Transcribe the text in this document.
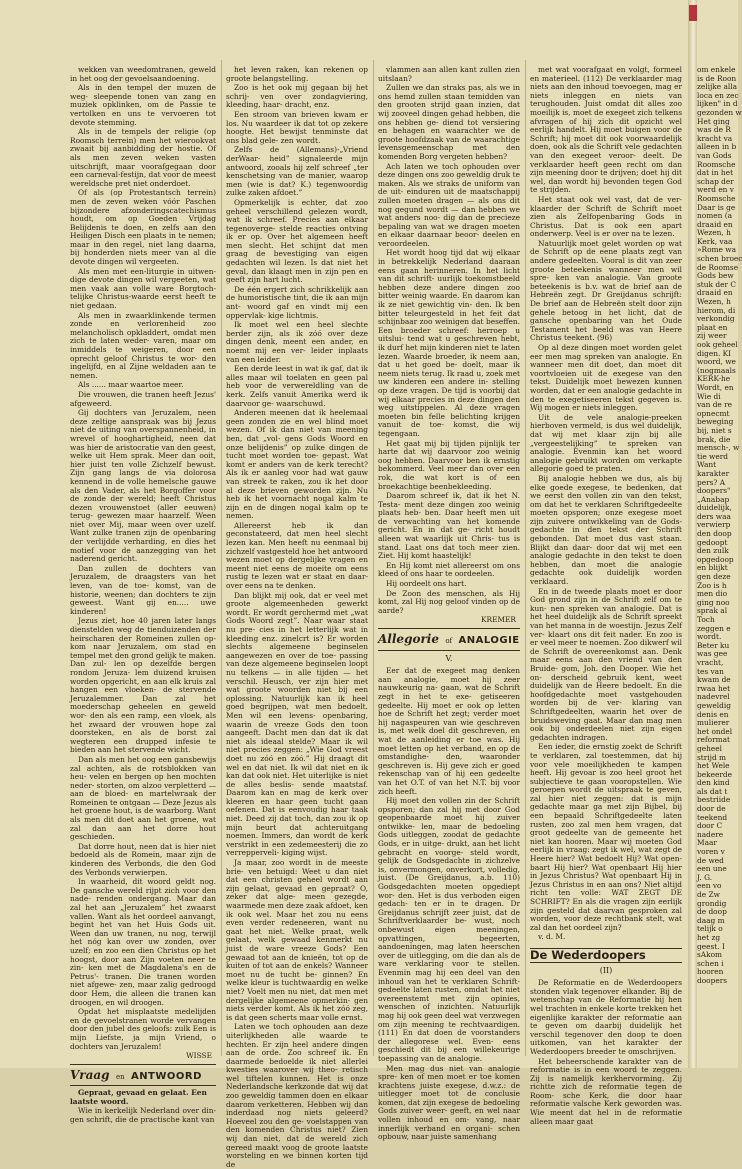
wekken van weedomtranen, geweld in het oog der gevoelsaandoening.

Als in den tempel der muzen de weg- sleepende tonen van zang en muziek opklinken, om de Passie te vertolken en uns te vervoeren tot devote stemming.

Als in de tempels der religie (op Roomsch terrein) men het wierookvat zwaait bij aanbidding der hostie. Of als men zeven weken vasten uitschrijft, maar voorafgegaan door een carneval-festijn, dat voor de meest wereldsche pret niet onderdoet.

Of als (op Protestantsch terrein) men de zeven weken vóór Paschen bijzondere afzonderingscatechismus houdt, om op Goeden Vrijdag Belijdenis te doen, en zelfs aan den Heiligen Disch een plaats in te nemen; maar in den regel, niet lang daarna, bij honderden niets meer van al die devote dingen wil vergeeten.

Als men met een-liturgie in uitwen- dige devote dingen wil vergeeten, wat men vaak aan volle ware Borgtoch- telijke Christus-waarde eerst heeft te niet gedaan.

Als men in zwaarklinkende termen zonde en verlorenheid zoo melancholisch opkladdert, omdat men zich te laten weder- varen, maar om inmiddels te weigeren, door een oprecht geloof Christus te wor- den ingelijfd, en al Zijne weldaden aan te nemen.

Als ...... maar waartoe meer.

Die vrouwen, die tranen heeft Jezus' afgeweerd.

Gij dochters van Jeruzalem, neen deze zeltige aanspraak was bij Jezus niet de uiting van overspannenheid, in wrevel of hooghartigheid, neen dat was hier de aristocratie van den geest, welke uit Hem sprak. Meer dan ooit, hier juist ten volle Zichzelf bewust. Zijn gang langs de via dolorosa kennend in de volle hemelsche gauwe als den Vader, als het Borgoffer voor de zonde der wereld; heeft Christus dezen vrouwenstoet (aller eeuwen) terug- gewezen maar haarzelf. Ween niet over Mij, maar ween over uzelf. Want zulke tranen zijn de openbaring der verlijdde verharding, en dies het motief voor de aanzegging van het naderend gericht.

Dan zullen de dochters van Jeruzalem, de draagsters van het leven, van de toe- komst, van de historie, weenen; dan dochters te zijn geweest. Want gij en..... uwe kinderen!

Jezus ziet, hoe 40 jaren later langs dienstelden weg de tienduizenden der heirscharen der Romeinen zullen op- kom naar Jeruzalem, om stad en tempel met den grond gelijk te maken. Dan zul- len op dezelfde bergen rondom Jeruza- lem duizend kruisen worden opgericht, en aan elk kruis zal hangen een vloeken- de stervende Jeruzalemmer. Dan zal het moederschap geheelen en geweld wor- den als een ramp, een vloek, als het zwaard der vrouwen hope zal doorsteken, en als de borst zal wegteren een drupped infesie te bieden aan het stervende wicht.

Dan als men het oog een gansbewijs zal achten, als de rotsblokken van heu- velen en bergen op hen mochten neder- storten, om alzoo verpletterd — aan de bloed- en martelwraak der Romeinen te ontgaan — Deze Jezus als het groene hout, is de waarborg. Want als men dit doet aan het groene, wat zal dan aan het dorre hout geschieden.

Dat dorre hout, neen dat is hier niet bedoeld als de Romein, maar zijn de kinderen des Verbonds, die den God des Verbonds verwierpen.

In waarheid, dit woord geldt nog. De gansche wereld rijpt zich voor den nade- renden ondergang. Maar dan zal het aan „Jeruzalem” het zwaarst vallen. Want als het oordeel aanvangt, begint het van het Huis Gods uit. Ween dan uw tranen, nu nog, terwijl het nóg kan over uw zonden, over uzelf; en zoo een dien Christus op het hoogst, door aan Zijn voeten neer te zin- ken met de Magdalena's en de Petrus'- tranen. Die tranen worden niet afgewe- zen, maar zalig gedroogd door Hem, die alleen die tranen kan droogen, en wil droogen.

Opdat het misplaatste medelijden en de gevoelstranen worde vervangen door den jubel des geloofs: zulk Een is mijn Liefste, ja mijn Vriend, o dochters van Jeruzalem!

WISSE
Vraag en ANTWOORD

Gepraat, gevaad en gelaat. Een laatste woord.

Wie in kerkelijk Nederland over din- gen schrift, die de practische kant van

het leven raken, kan rekenen op groote belangstelling.

Zoo is het ook mij gegaan bij het schrij- ven over zondagviering, kleeding, haar- dracht, enz.

Een stroom van brieven kwam er los. Nu waardeer ik dat tot op zekere hoogte. Het bewijst tenminste dat ons blad gele- zen wordt.

Zelfs de (Allemans)-„Vriend derWaar- heid” signaleerde mijn antwoord, zooals hij zelf schreef „ter kenschetsing van de manier, waarop men (wie is dat? K.) tegenwoordig zulke zaken afdoet.”

Opmerkelijk is echter, dat zoo geheel verschillend gelezen wordt, wat ik schreef. Precies aan elkaar tegenoverge- stelde reacties ontving ik er op. Over het algemeen heeft men slecht. Het schijnt dat men graag de bevestiging van eigen gedachten wil lezen. Is dat niet het geval, dan klaagt men in zijn pen en geeft zijn hart lucht.

De één ergert zich schrikkelijk aan de humoristische tint, die ik aan mijn ant- woord gaf en vindt mij een oppervlak- kige lichtmis.

Ik moet wel een heel slechte berder zijn, als ik zóó over deze dingen denk, meent een ander, en noemt mij een ver- leider inplaats van een leider.

Een derde leest in wat ik gaf, dat ik alles maar wil toelaten en geen pal heb voor de verwereldling van de kerk. Zelfs vanuit Amerika werd ik daarvoor ge- waarschuwd.

Anderen meenen dat ik heelemaal geen zonden zie en wel blind moet wezen. Of ik dan niet van meening ben, dat „vol- gens Gods Woord en onze belijdenis” op zulke dingen de tucht moet worden toe- gepast. Wat komt er anders van de kerk terecht? Als ik er aanleg voor had wat gauw van streek te raken, zou ik het door al deze brieven geworden zijn. Nu heb ik het voornacht nogal kalm te zijn en de dingen nogal kalm op te nemen.

Allereerst heb ik dan geconstateerd, dat men heel slecht lezen kan. Men heeft nu eenmaal bij zichzelf vastgesteld hoe het antwoord wezen moet op dergelijke vragen en meent niet eens de moeite om eens rustig te lezen wat er staat en daar- over eens na te denken.

Dan blijkt mij ook, dat er veel met groote algemeenheden gewerkt wordt. Er wordt gerchermd met „wat Gods Woord zegt”. Naar waar staat nu pre- cies in het letterlijk wat in kleeding enz. zinelcrt is? Er worden slechts algemeene beginselen aangewezen en over de toe- passing van deze algemeene beginselen loopt nu telkens — in alle tijden — het verschil. Heusch, ver zijn hier met wat groote woorden niet bij een oplossing. Natuurlijk kan ik heel goed begrijpen, wat men bedoelt. Men wil een levens- openbaring, waarin de vreeze Gods den toon aangeeft. Dacht men dan dat ik dat niet als ideaal stelde? Maar ik wil niet precies zeggen: „Wie God vreest doet nu zóó en zóó.” Hij draagt dit wel en dat niet. Ik wil dat niet en ik kan dat ook niet. Het uiterlijke is niet de alles beslis- sende maatstaf. Daarom kan en mag de kerk over kleeren en haar geen tucht gaan oefenen. Dat is eenvoudig haar taak niet. Deed zij dat toch, dan zou ik op mijn beurt dat achteruitgang noemen. Immers, dan wordt de kerk verstrikt in een zedemeesterij die zo verrepperveli- kiging wijst.

Ja maar, zoo wordt in de meeste brie- ven betuigd: Weet u dan niet dat een christen geheel wordt aan zijn gelaat, gevaad en gepraat? O, zeker dat alge- meen gezegde, waarmede men deze zaak afdoet, ken ik ook wel. Maar het zou nu eens even verder redeneeren, want nu gaat het niet. Welke praat, welk gelaat, welk gewaad kenmerkt nu juist de ware vreeze Gods? Een gewaad tot aan de knieën, tot op de kuiten of tot aan de enkels? Wanneer moet nu de tucht be- ginnen? En welke kleur is tuchtwaardig en welke niet? Voelt men nu niet, dat men met dergelijke algemeene opmerkin- gen niets verder komt. Als ik het zóó zeg, is dat geen scherts maar volle ernst.

Laten we toch ophouden aan deze uiterlijkheden alle waarde te hechten. Er zijn heel andere dingen aan de orde. Zoo schreef ik. En daarmede bedoelde ik niet allerlei kwesties waarover wij theo- retisch wel tiftelen kunnen. Het is onze Nederlandsche kerkzonde dat wij dat zoo geweldig tammen doen en elkaar daarom verketteren. Hebben wij dan inderdaad nog niets geleerd? Hoeveel zou den ge- voelstappen van den komenden Christus niet? Zien wij dan niet, dat de wereld zich gereed maakt voog de groote laatste worsteling en we binnen korten tijd de

vlammen aan allen kant zullen zien uitslaan?

Zullen we dan straks pas, als we in ons hemd zullen staan temidden van den grooten strijd gaan inzien, dat wij zooveel dingen gehad hebben, die ons hebben ge- diend tot versiering en behagen en waarachter we de groote hoofdzaak van de waarachtige levensgemeenschap met den komenden Borg vergeten hebben?

Ach laten we toch ophouden over deze dingen ons zoo geweldig druk te maken. Als we straks de uniform van de uit- einduren uit de maatschappij zullen moeten dragen — als ons dit nog gegund wordt — dan hebben we wat anders noo- dig dan de precieze bepaling van wat we dragen moeten en elkaar daarnaar beoor- deelen en veroordeelen.

Het wordt hoog tijd dat wij elkaar in betrekkelijk Nederland daaraan eens gaan herinneren. In het licht van dit schrift- uurlijk toekomstbeeld hebben deze andere dingen zoo bitter weinig waarde. En daarom kan ik ze niet gewichtig vin- den. Ik ben bitter teleurgesteld in het feit dat schijnbaar zoo weinigen dat beseffen. Een broeder schreef: herroep u uitslui- tend wat u geschreven hebt, ik durf het mijn kinderen niet te laten lezen. Waarde broeder, ik neem aan, dat u het goed be- doelt, maar ik neem niets terug. Ik raad u, zoek met uw kinderen een andere in- stelling op deze vragen. De tijd is voorbij dat wij elkaar precies in deze dingen den weg uitstippelen. Al deze vragen moeten bin felle belichting krijgen vanuit de toe- komst, die wij tegengaan.

Het gaat mij bij tijden pijnlijk ter harte dat wij daarvoor zoo weinig oog hebben. Daarvoor ben ik ernstig bekommerd. Veel meer dan over een rok, die wat kort is of een broekachtige beenbekleeding.

Daarom schreef ik, dat ik het N. Testa- ment deze dingen zoo weinig plaats heb- ben. Daar heeft men uit de verwachting van het komende gericht. En in dat ge- richt houdt alleen wat waarlijk uit Chris- tus is stand. Laat ons dat toch meer zien. Ziet. Hij komt haastelijk!

En Hij komt niet allereerst om ons kleed of ons haar te oordeelen.

Hij oordeelt ons hart.

De Zoon des menschen, als Hij komt, zal Hij nog geloof vinden op de aarde?

KREMER
Allegorie of ANALOGIE
V.

Eer dat de exegeet mag denken aan analogie, moet hij zeer nauwkeurig na- gaan, wat de Schrift zegt in het te exe- getiseeren gedeelte. Hij moet er ook op letten hoe de Schrift het zegt; verder moet hij nagaspeuren van wie geschreven is, met welk doel dit geschreven, en wat de aanleiding er toe was. Hij moet letten op het verband, en op de omstandighe- den, waaronder geschreven is. Hij geve zich er goed rekenschap van of hij een gedeelte van het O.T. of van het N.T. bij voor zich heeft.

Hij moet den vollen zin der Schrift opsporen; dan zal hij met door God geopenbaarde moet hij zuiver ontwikke- len, maar de bedoeling Gods uitleggen, zoodat de gedachte Gods, er in uitge- drukt, aan het licht gebracht en voorge- steld wordt, gelijk de Godsgedachte in zichzelve is, onvermongen, onverkort, volledig, juist. (De Greijdanus, a.b. 110) Godsgedachten moeten opgediept wor- den. Het is dus verboden eigen gedach- ten er in te dragen. Dr Greijdanus schrijft zeer juist, dat de Schriftverklaarder be- wust, noch onbewust eigen meeningen, opvattingen, begeerten, aandoeningen, mag laten heerschen over de uitlegging, om die dan als de ware verklaring voor te stellen. Evenmin mag hij een deel van den inhoud van het te verklaren Schrift- gedeelte laten rusten, omdat het niet overeenstemt met zijn opinies, wenschen of inzichten. Natuurlijk mag hij ook geen deel wat verzwegen om zijn meening te rechtvaardigen. (111) En dat doen de voorstanders der allegorese wel. Even- eens geschiedt dit bij een willekeurige toepassing van de analogie.

Men mag dus niet van analogie spre- ken of men moet er toe komen krachtens juiste exegese, d.w.z.: de uitlegger moet tot de conclusie komen, dat zijn exegese de bedoeling Gods zuiver weer- geeft, en wel naar vollen inhoud en om- vang, naar innerlijk verband en organi- schen opbouw, naar juiste samenhang

met wat voorafgaat en volgt, formeel en materieel. (112) De verklaarder mag niets aan den inhoud toevoegen, mag er niets inleggen en niets van terughouden. Juist omdat dit alles zoo moeilijk is, moet de exegeet zich telkens afvragen of hij zich dit opzicht wel eerlijk handelt. Hij moet buigen voor de Schrift; hij moet dit ook voorwaardelijk doen, ook als die Schrift vele gedachten van den exegeet veroor- deelt. De verklaarder heeft geen recht om dan zijn meening door te drijven; doet hij dit wel, dan wordt hij bevonden tegen God te strijden.

Het staat ook wel vast, dat de ver- klaarder der Schrift de Schrift moet zien als Zelfopenbaring Gods in Christus. Dat is ook een apart onderwerp. Veel is er over na te lezen.

Natuurlijk moet gelet worden op wat de Schrift op de eene plaats zegt van andere gedeelten. Vooral is dit van zeer groote beteekenis wanneer men wil spre- ken van analogie. Van groote beteekenis is b.v. wat de brief aan de Hebreën zegt. Dr Greijdanus schrijft: De brief aan de Hebreën stelt door zijn gehele betoog in het licht, dat de gansche openbaring van het Oude Testament het beeld was van Heere Christus teekent. (96)

Op al deze dingen moet worden gelet eer men mag spreken van analogie. En wanneer men dit doet, dan moet dit voortvloeien uit de exegese van den tekst. Duidelijk moet bewezen kunnen worden, dat er een analogie gedachte in den te exegetiseeren tekst gegeven is. Wij mogen er niets inleggen.

Uit de vele analogie-preeken hierboven vermeld, is dus wel duidelijk, dat wij met klaar zijn bij alle „vergeestelijking” te spreken van analogie. Evenmin kan het woord analogie gebruikt worden om verkapte allegorie goed te praten.

Bij analogie hebben we dus, als bij elke goede exegese, te bedenken, dat we eerst den vollen zin van den tekst, om dat het te verklaren Schriftgedeelte moeten opsporen; onze exegese moet zijn zuivere ontwikkeling van de Gods- gedachte in den tekst der Schrift gebonden. Dat moet dus vast staan. Blijkt dan daar- door dat wij met een analogie gedachte in den tekst te doen hebben, dan moet die analogie gedachte ook duidelijk worden verklaard.

En in de tweede plaats moet er door God grond zijn in de Schrift zelf om te kun- nen spreken van analogie. Dat is het heel duidelijk als de Schrift spreekt van het manna in de woestijn. Jezus Zelf ver- klaart ons dit feit nader. En zoo is er veel meer te noemen. Zoo dikwerf wil de Schrift de overeenkomst aan. Denk maar eens aan den vriend van den Bruide- gom, Joh. den Dooper. Wie het on- derscheid gebruik kent, weet duidelijk van de Heere bedoelt. En die hoofdgedachte moet vastgehouden worden bij de ver- klaring van Schriftgedeelten, waarin het over de bruidsweving gaat. Maar dan mag men ook bij onderdeelen niet zijn eigen gedachten indragen.

Een ieder, die ernstig zoekt de Schrift te verklaren, zal toestemmen, dat hij voor vele moeilijkheden te kampen heeft. Hij gevoar is zoo heel groot het subjectieve te gaan vooropstellen. Wie geroepen wordt de uitspraak te geven, zal hier niet zeggen: dat is mijn gedachte maar ga met zijn Bijbel, bij een bepaald Schriftgedeelte laten rusten, zoo zal men hem vragen, dat groot gedeelte van de gemeente het niet kan hooren. Maar wij moeten God eerlijk in vraag: zegt ik wel, wat zegt de Heere hier? Wat bedoelt Hij? Wat open- baart Hij hier? Wat openbaart Hij hier in Jezus Christus? Wat openbaart Hij in Jezus Christus in en aan ons? Niet altijd richt ten volle: WAT ZEGT DE SCHRIFT? En als die vragen zijn eerlijk zijn gesteld dat daarvan gesproken zal worden, voor deze rechtbank stelt, wat zal dan het oordeel zijn?

v. d. M.

De Wederdoopers
(II)

De Reformatie en de Wederdoopers stonden vlak tegenover elkander. Bij de wetenschap van de Reformatie bij hen wel trachten in enkele korte trekken het eigenlijke karakter der reformatie aan te geven om daarbij duidelijk het verschil tegenover den doop te doen uitkomen, van het karakter der Wederdoopers breeder te omschrijven.

Het beheerschende karakter van de reformatie is in een woord te zeggen. Zij is namelijk kerkhervorming. Zij richtte zich de reformatie tegen de Room- sche Kerk, die door haar reformatie valsche Kerk geworden was. Wie meent dat hel in de reformatie alleen maar gaat

om enkele
is de Roon
zelijke alla
loca en zec
lijken" in d
gezonden w
Het ging
was de R
kracht va
alleen in b
van Gods
Roomsche
dat in het
schap der
werd en v
Roomsche
Daar is ge
nomen (a
draaid en
Wezen, h
Kerk, vaa
»Rome wa
schen broec
de Roomse
Gods bew
stuk der C
draaid en
Wezen, h
hierom, di
verkondig
plaat en
zij weer
ook geheel
digen. KI
woord, we
(nogmaals
KERK-he
Wordt, en
Wie di
van de re
opnecmt
beweging
bij, niet s
brak, die
mensch-, w
tie werd
Want
karakter
pers? A
doopers"
„Anabap
duidelijk,
ders waa
verwierp
den doop
gedoopt
den zulk
opgedoop
en blijkt
gen deze
Zoo is h
men dio
ging noo
sprak al
Toch
zeggen e
wordt.
Beter ku
was gee
vracht,
tes van
kwam de
rwaa het
nadevrel
geweldig
denis en
mulierer
het ondel
reformat
geheel
strijd m
het Wele
bekeerde
den kind
als dat t
bestriide
door de
teekend
door C
nadere
Maar
voren v
de wed
een une
J. G.
een vo
de Zw
grondig
de doop
daag m
telijk o
het zg
geest. I
sAkom
schen i
hooren
doopers
